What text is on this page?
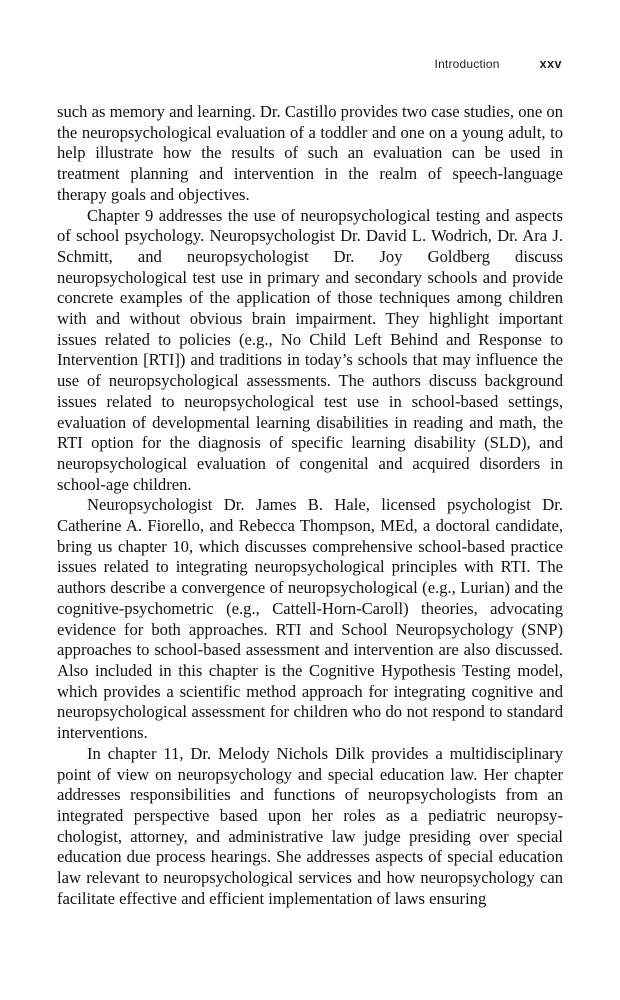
Introduction	xxv

such as memory and learning. Dr. Castillo provides two case studies, one on the neuropsychological evaluation of a toddler and one on a young adult, to help illustrate how the results of such an evaluation can be used in treatment planning and intervention in the realm of speech-language therapy goals and objectives.

Chapter 9 addresses the use of neuropsychological testing and aspects of school psychology. Neuropsychologist Dr. David L. Wodrich, Dr. Ara J. Schmitt, and neuropsychologist Dr. Joy Goldberg discuss neuropsychological test use in primary and secondary schools and provide concrete examples of the application of those techniques among children with and without obvious brain impairment. They highlight important issues related to policies (e.g., No Child Left Behind and Response to Intervention [RTI]) and traditions in today’s schools that may influence the use of neuropsychological assessments. The authors discuss background issues related to neuropsychological test use in school-based settings, evaluation of developmental learning disabilities in reading and math, the RTI option for the diagnosis of specific learning disability (SLD), and neuropsychological evaluation of congenital and acquired disorders in school-age children.

Neuropsychologist Dr. James B. Hale, licensed psychologist Dr. Catherine A. Fiorello, and Rebecca Thompson, MEd, a doctoral candidate, bring us chapter 10, which discusses comprehensive school-based practice issues related to integrating neuropsychological principles with RTI. The authors describe a convergence of neuropsychological (e.g., Lurian) and the cognitive-psychometric (e.g., Cattell-Horn-Caroll) theories, advocating evidence for both approaches. RTI and School Neuropsychology (SNP) approaches to school-based assessment and intervention are also discussed. Also included in this chapter is the Cognitive Hypothesis Testing model, which provides a scientific method approach for integrating cognitive and neuropsychological assessment for children who do not respond to standard interventions.

In chapter 11, Dr. Melody Nichols Dilk provides a multidisciplinary point of view on neuropsychology and special education law. Her chapter addresses responsibilities and functions of neuropsychologists from an integrated perspective based upon her roles as a pediatric neuropsychologist, attorney, and administrative law judge presiding over special education due process hearings. She addresses aspects of special education law relevant to neuropsychological services and how neuropsychology can facilitate effective and efficient implementation of laws ensuring
